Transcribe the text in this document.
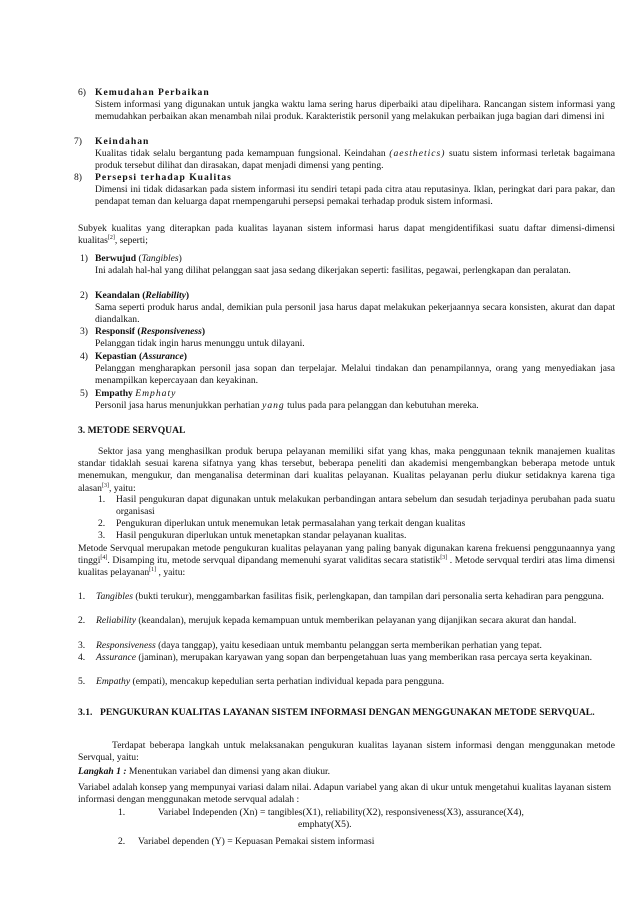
6) Kemudahan Perbaikan
Sistem informasi yang digunakan untuk jangka waktu lama sering harus diperbaiki atau dipelihara. Rancangan sistem informasi yang memudahkan perbaikan akan menambah nilai produk. Karakteristik personil yang melakukan perbaikan juga bagian dari dimensi ini
7) Keindahan
Kualitas tidak selalu bergantung pada kemampuan fungsional. Keindahan (aesthetics) suatu sistem informasi terletak bagaimana produk tersebut dilihat dan dirasakan, dapat menjadi dimensi yang penting.
8) Persepsi terhadap Kualitas
Dimensi ini tidak didasarkan pada sistem informasi itu sendiri tetapi pada citra atau reputasinya. Iklan, peringkat dari para pakar, dan pendapat teman dan keluarga dapat rnempengaruhi persepsi pemakai terhadap produk sistem informasi.
Subyek kualitas yang diterapkan pada kualitas layanan sistem informasi harus dapat mengidentifikasi suatu daftar dimensi-dimensi kualitas[2], seperti;
1) Berwujud (Tangibles)
Ini adalah hal-hal yang dilihat pelanggan saat jasa sedang dikerjakan seperti: fasilitas, pegawai, perlengkapan dan peralatan.
2) Keandalan (Reliability)
Sama seperti produk harus andal, demikian pula personil jasa harus dapat melakukan pekerjaannya secara konsisten, akurat dan dapat diandalkan.
3) Responsif (Responsiveness)
Pelanggan tidak ingin harus menunggu untuk dilayani.
4) Kepastian (Assurance)
Pelanggan mengharapkan personil jasa sopan dan terpelajar. Melalui tindakan dan penampilannya, orang yang menyediakan jasa menampilkan kepercayaan dan keyakinan.
5) Empathy Emphaty
Personil jasa harus menunjukkan perhatian yang tulus pada para pelanggan dan kebutuhan mereka.
3. METODE SERVQUAL
Sektor jasa yang menghasilkan produk berupa pelayanan memiliki sifat yang khas, maka penggunaan teknik manajemen kualitas standar tidaklah sesuai karena sifatnya yang khas tersebut, beberapa peneliti dan akademisi mengembangkan beberapa metode untuk menemukan, mengukur, dan menganalisa determinan dari kualitas pelayanan. Kualitas pelayanan perlu diukur setidaknya karena tiga alasan[3], yaitu:
1. Hasil pengukuran dapat digunakan untuk melakukan perbandingan antara sebelum dan sesudah terjadinya perubahan pada suatu organisasi
2. Pengukuran diperlukan untuk menemukan letak permasalahan yang terkait dengan kualitas
3. Hasil pengukuran diperlukan untuk menetapkan standar pelayanan kualitas.
Metode Servqual merupakan metode pengukuran kualitas pelayanan yang paling banyak digunakan karena frekuensi penggunaannya yang tinggi[4]. Disamping itu, metode servqual dipandang memenuhi syarat validitas secara statistik[3] . Metode servqual terdiri atas lima dimensi kualitas pelayanan[1] , yaitu:
1. Tangibles (bukti terukur), menggambarkan fasilitas fisik, perlengkapan, dan tampilan dari personalia serta kehadiran para pengguna.
2. Reliability (keandalan), merujuk kepada kemampuan untuk memberikan pelayanan yang dijanjikan secara akurat dan handal.
3. Responsiveness (daya tanggap), yaitu kesediaan untuk membantu pelanggan serta memberikan perhatian yang tepat.
4. Assurance (jaminan), merupakan karyawan yang sopan dan berpengetahuan luas yang memberikan rasa percaya serta keyakinan.
5. Empathy (empati), mencakup kepedulian serta perhatian individual kepada para pengguna.
3.1. PENGUKURAN KUALITAS LAYANAN SISTEM INFORMASI DENGAN MENGGUNAKAN METODE SERVQUAL.
Terdapat beberapa langkah untuk melaksanakan pengukuran kualitas layanan sistem informasi dengan menggunakan metode Servqual, yaitu:
Langkah 1 : Menentukan variabel dan dimensi yang akan diukur.
Variabel adalah konsep yang mempunyai variasi dalam nilai. Adapun variabel yang akan di ukur untuk mengetahui kualitas layanan sistem informasi dengan menggunakan metode servqual adalah :
1.	Variabel Independen (Xn) = tangibles(X1), reliability(X2), responsiveness(X3), assurance(X4),
emphaty(X5).
2. Variabel dependen (Y) = Kepuasan Pemakai sistem informasi
